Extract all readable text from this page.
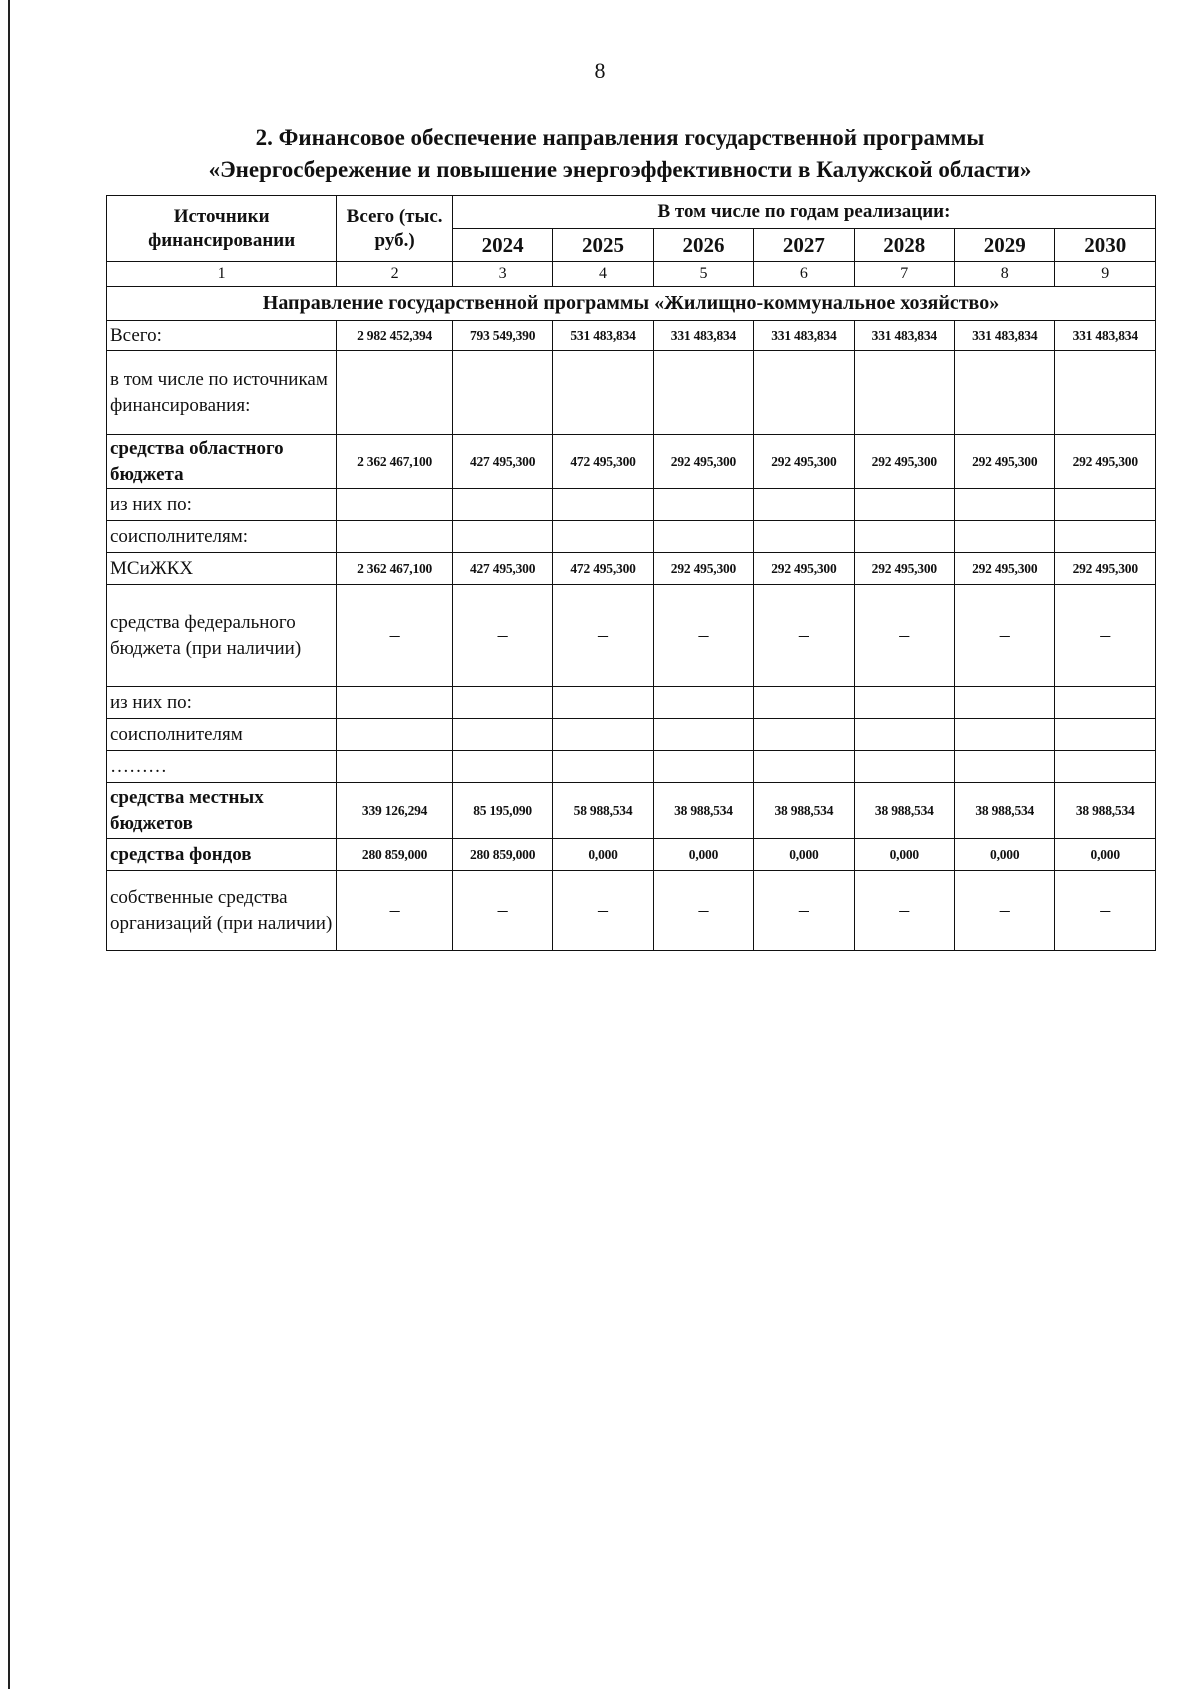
8
2. Финансовое обеспечение направления государственной программы
«Энергосбережение и повышение энергоэффективности в Калужской области»
Источники финансировании	Всего (тыс. руб.)	В том числе по годам реализации:						
		2024	2025	2026	2027	2028	2029	2030
1	2	3	4	5	6	7	8	9
Направление государственной программы «Жилищно-коммунальное хозяйство»								
Всего:	2 982 452,394	793 549,390	531 483,834	331 483,834	331 483,834	331 483,834	331 483,834	331 483,834
в том числе по источникам финансирования:								
средства областного бюджета	2 362 467,100	427 495,300	472 495,300	292 495,300	292 495,300	292 495,300	292 495,300	292 495,300
из них по:								
соисполнителям:								
МСиЖКХ	2 362 467,100	427 495,300	472 495,300	292 495,300	292 495,300	292 495,300	292 495,300	292 495,300
средства федерального бюджета (при наличии)	–	–	–	–	–	–	–	–
из них по:								
соисполнителям								
………								
средства местных бюджетов	339 126,294	85 195,090	58 988,534	38 988,534	38 988,534	38 988,534	38 988,534	38 988,534
средства фондов	280 859,000	280 859,000	0,000	0,000	0,000	0,000	0,000	0,000
собственные средства организаций (при наличии)	–	–	–	–	–	–	–	–
